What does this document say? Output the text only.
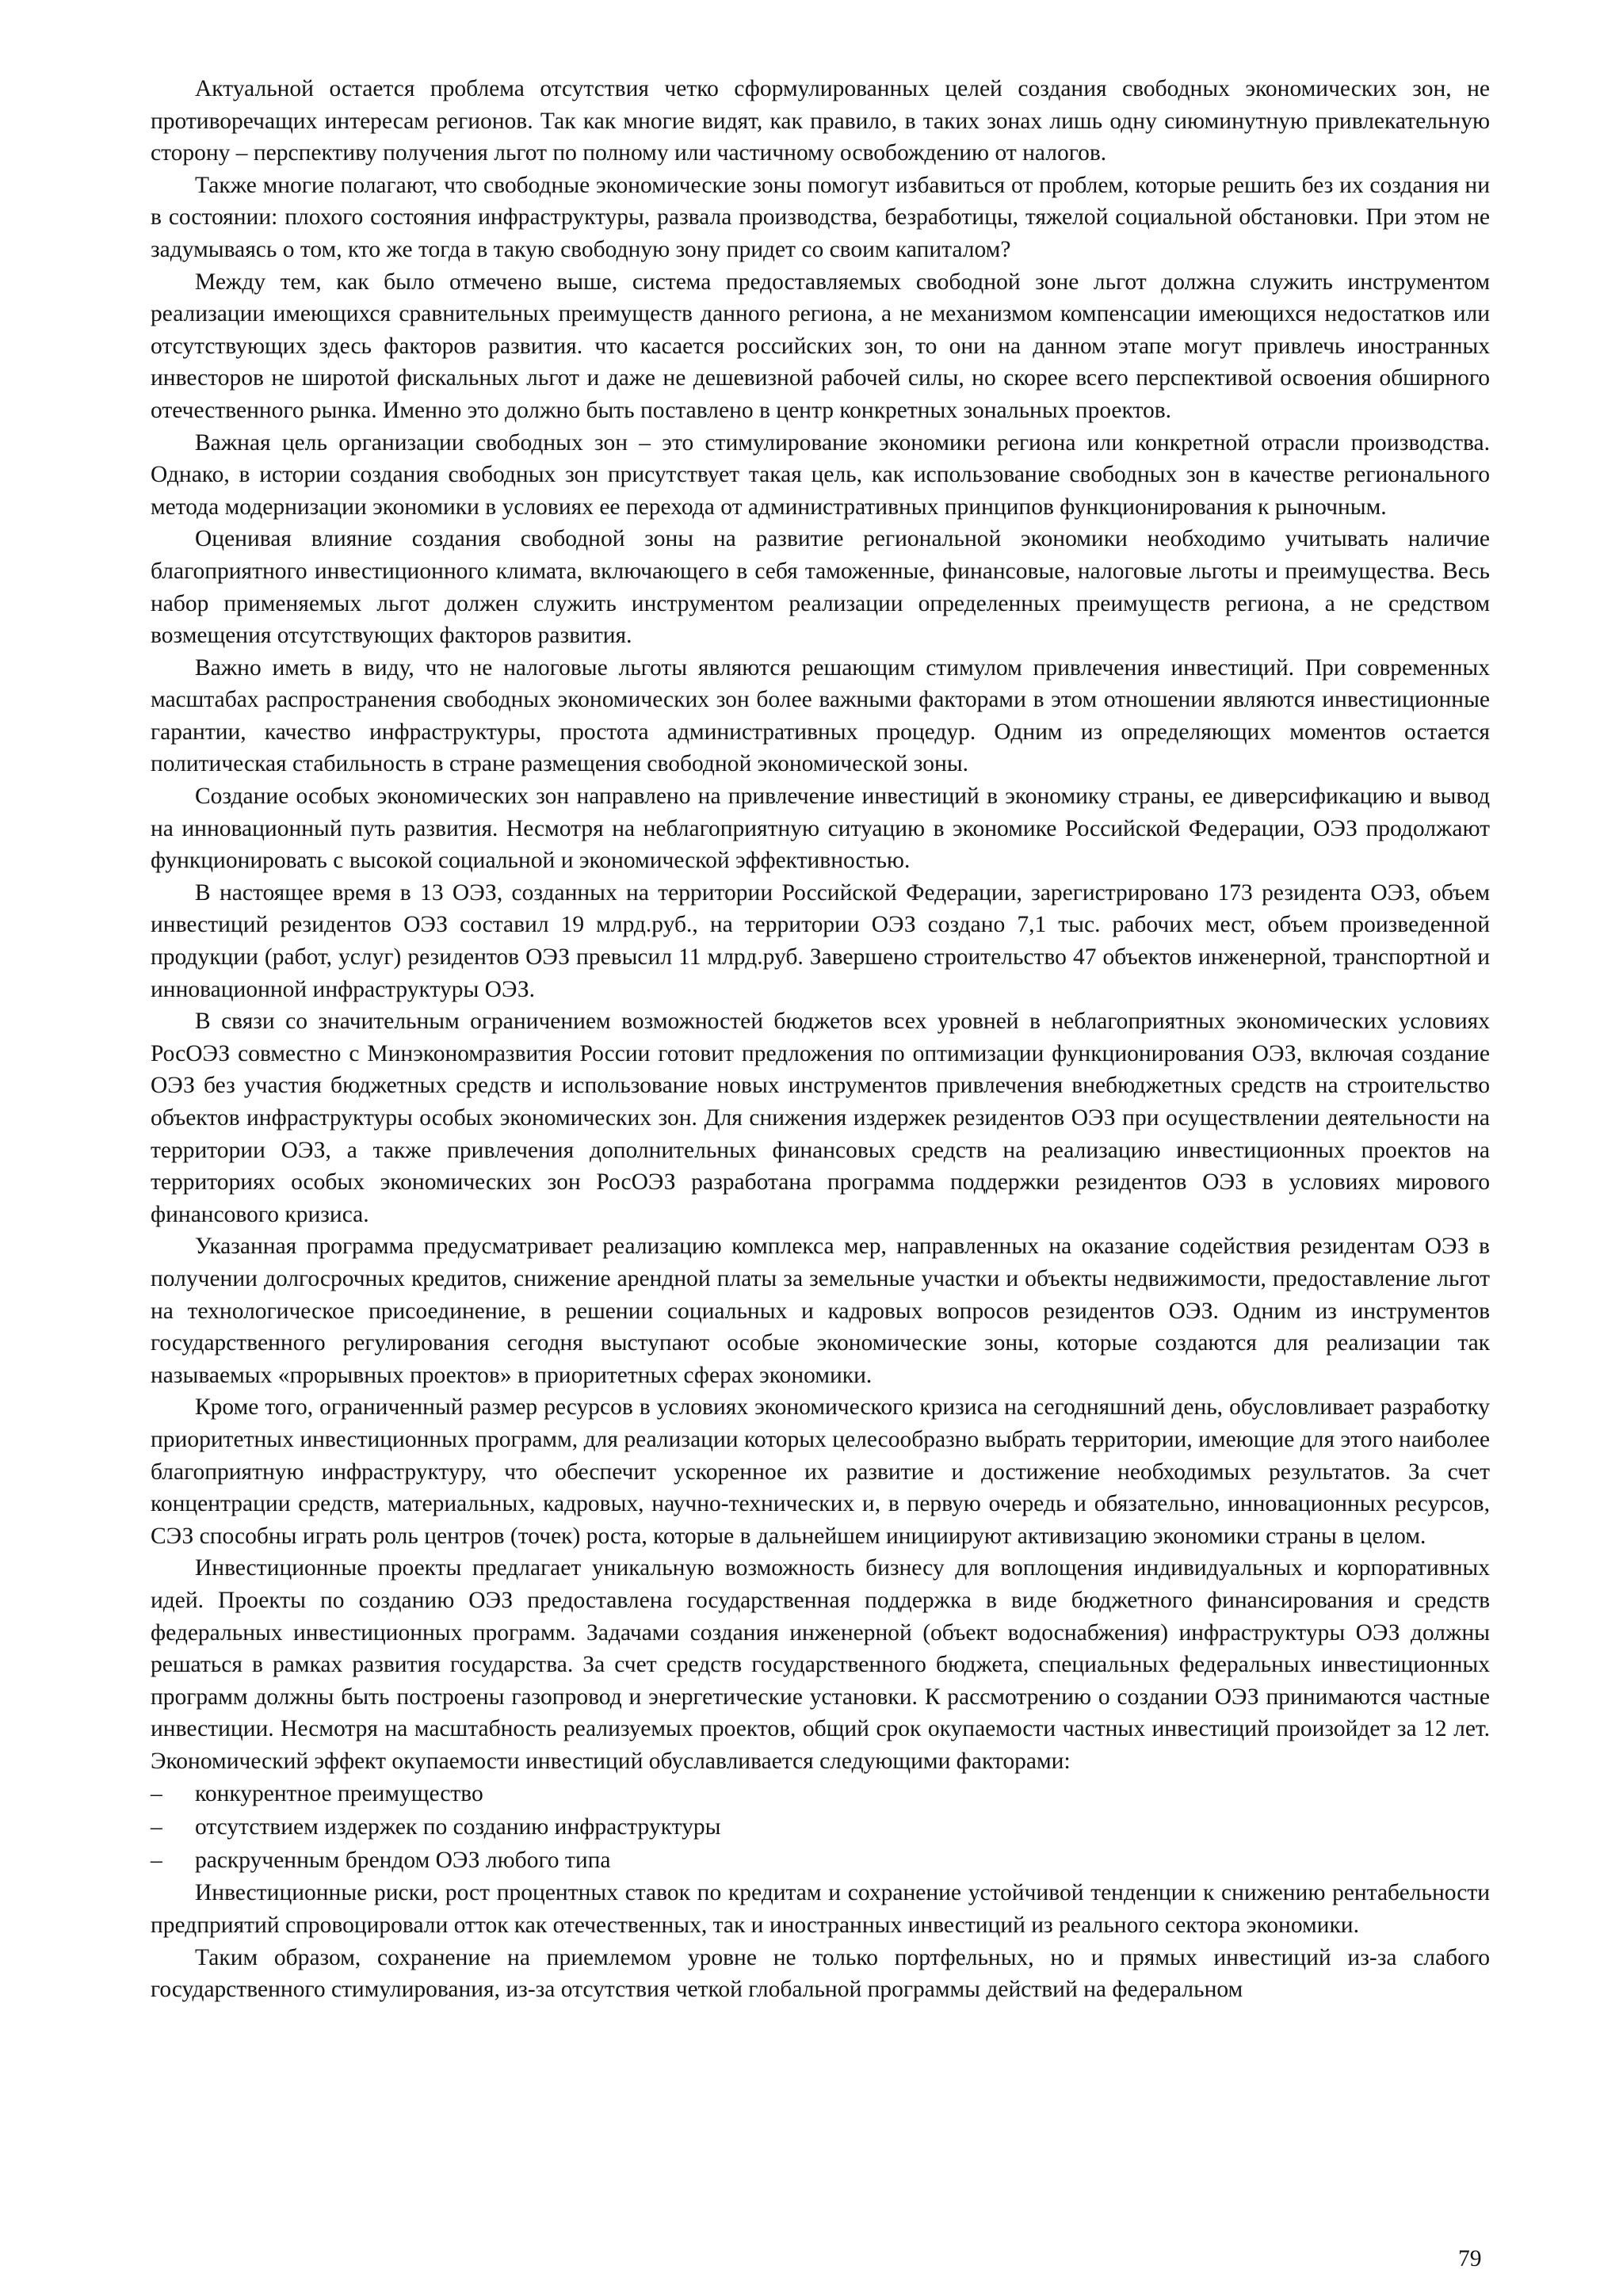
Актуальной остается проблема отсутствия четко сформулированных целей создания свободных экономических зон, не противоречащих интересам регионов. Так как многие видят, как правило, в таких зонах лишь одну сиюминутную привлекательную сторону – перспективу получения льгот по полному или частичному освобождению от налогов.

Также многие полагают, что свободные экономические зоны помогут избавиться от проблем, которые решить без их создания ни в состоянии: плохого состояния инфраструктуры, развала производства, безработицы, тяжелой социальной обстановки. При этом не задумываясь о том, кто же тогда в такую свободную зону придет со своим капиталом?

Между тем, как было отмечено выше, система предоставляемых свободной зоне льгот должна служить инструментом реализации имеющихся сравнительных преимуществ данного региона, а не механизмом компенсации имеющихся недостатков или отсутствующих здесь факторов развития. что касается российских зон, то они на данном этапе могут привлечь иностранных инвесторов не широтой фискальных льгот и даже не дешевизной рабочей силы, но скорее всего перспективой освоения обширного отечественного рынка. Именно это должно быть поставлено в центр конкретных зональных проектов.

Важная цель организации свободных зон – это стимулирование экономики региона или конкретной отрасли производства. Однако, в истории создания свободных зон присутствует такая цель, как использование свободных зон в качестве регионального метода модернизации экономики в условиях ее перехода от административных принципов функционирования к рыночным.

Оценивая влияние создания свободной зоны на развитие региональной экономики необходимо учитывать наличие благоприятного инвестиционного климата, включающего в себя таможенные, финансовые, налоговые льготы и преимущества. Весь набор применяемых льгот должен служить инструментом реализации определенных преимуществ региона, а не средством возмещения отсутствующих факторов развития.

Важно иметь в виду, что не налоговые льготы являются решающим стимулом привлечения инвестиций. При современных масштабах распространения свободных экономических зон более важными факторами в этом отношении являются инвестиционные гарантии, качество инфраструктуры, простота административных процедур. Одним из определяющих моментов остается политическая стабильность в стране размещения свободной экономической зоны.

Создание особых экономических зон направлено на привлечение инвестиций в экономику страны, ее диверсификацию и вывод на инновационный путь развития. Несмотря на неблагоприятную ситуацию в экономике Российской Федерации, ОЭЗ продолжают функционировать с высокой социальной и экономической эффективностью.

В настоящее время в 13 ОЭЗ, созданных на территории Российской Федерации, зарегистрировано 173 резидента ОЭЗ, объем инвестиций резидентов ОЭЗ составил 19 млрд.руб., на территории ОЭЗ создано 7,1 тыс. рабочих мест, объем произведенной продукции (работ, услуг) резидентов ОЭЗ превысил 11 млрд.руб. Завершено строительство 47 объектов инженерной, транспортной и инновационной инфраструктуры ОЭЗ.

В связи со значительным ограничением возможностей бюджетов всех уровней в неблагоприятных экономических условиях РосОЭЗ совместно с Минэкономразвития России готовит предложения по оптимизации функционирования ОЭЗ, включая создание ОЭЗ без участия бюджетных средств и использование новых инструментов привлечения внебюджетных средств на строительство объектов инфраструктуры особых экономических зон. Для снижения издержек резидентов ОЭЗ при осуществлении деятельности на территории ОЭЗ, а также привлечения дополнительных финансовых средств на реализацию инвестиционных проектов на территориях особых экономических зон РосОЭЗ разработана программа поддержки резидентов ОЭЗ в условиях мирового финансового кризиса.

Указанная программа предусматривает реализацию комплекса мер, направленных на оказание содействия резидентам ОЭЗ в получении долгосрочных кредитов, снижение арендной платы за земельные участки и объекты недвижимости, предоставление льгот на технологическое присоединение, в решении социальных и кадровых вопросов резидентов ОЭЗ. Одним из инструментов государственного регулирования сегодня выступают особые экономические зоны, которые создаются для реализации так называемых «прорывных проектов» в приоритетных сферах экономики.

Кроме того, ограниченный размер ресурсов в условиях экономического кризиса на сегодняшний день, обусловливает разработку приоритетных инвестиционных программ, для реализации которых целесообразно выбрать территории, имеющие для этого наиболее благоприятную инфраструктуру, что обеспечит ускоренное их развитие и достижение необходимых результатов. За счет концентрации средств, материальных, кадровых, научно-технических и, в первую очередь и обязательно, инновационных ресурсов, СЭЗ способны играть роль центров (точек) роста, которые в дальнейшем инициируют активизацию экономики страны в целом.

Инвестиционные проекты предлагает уникальную возможность бизнесу для воплощения индивидуальных и корпоративных идей. Проекты по созданию ОЭЗ предоставлена государственная поддержка в виде бюджетного финансирования и средств федеральных инвестиционных программ. Задачами создания инженерной (объект водоснабжения) инфраструктуры ОЭЗ должны решаться в рамках развития государства. За счет средств государственного бюджета, специальных федеральных инвестиционных программ должны быть построены газопровод и энергетические установки. К рассмотрению о создании ОЭЗ принимаются частные инвестиции. Несмотря на масштабность реализуемых проектов, общий срок окупаемости частных инвестиций произойдет за 12 лет. Экономический эффект окупаемости инвестиций обуславливается следующими факторами:

– конкурентное преимущество
– отсутствием издержек по созданию инфраструктуры
– раскрученным брендом ОЭЗ любого типа

Инвестиционные риски, рост процентных ставок по кредитам и сохранение устойчивой тенденции к снижению рентабельности предприятий спровоцировали отток как отечественных, так и иностранных инвестиций из реального сектора экономики.

Таким образом, сохранение на приемлемом уровне не только портфельных, но и прямых инвестиций из-за слабого государственного стимулирования, из-за отсутствия четкой глобальной программы действий на федеральном

79
